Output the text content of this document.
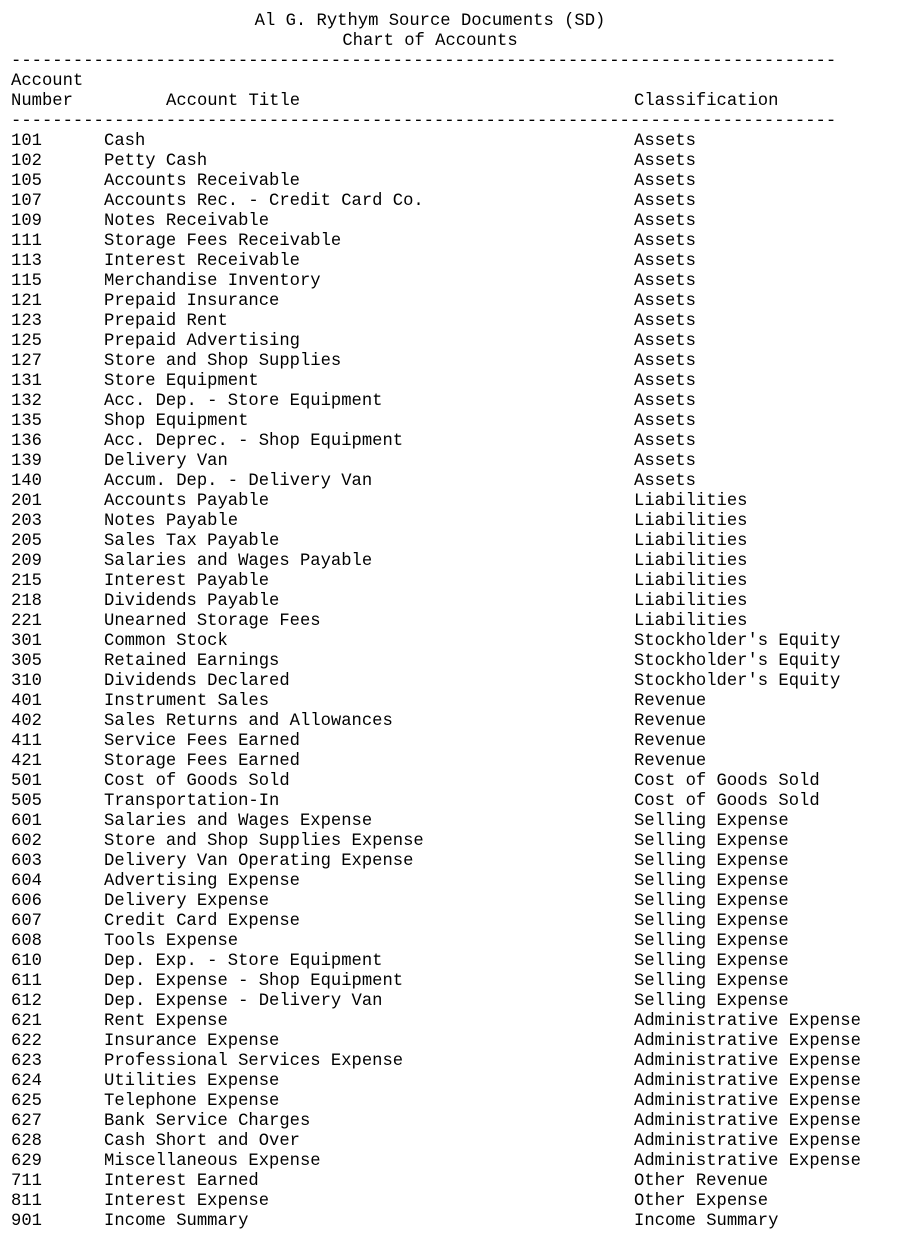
Al G. Rythym Source Documents (SD)
Chart of Accounts
--------------------------------------------------------------------------------
Account
Number	Account Title	Classification
--------------------------------------------------------------------------------
101	Cash	Assets
102	Petty Cash	Assets
105	Accounts Receivable	Assets
107	Accounts Rec. - Credit Card Co.	Assets
109	Notes Receivable	Assets
111	Storage Fees Receivable	Assets
113	Interest Receivable	Assets
115	Merchandise Inventory	Assets
121	Prepaid Insurance	Assets
123	Prepaid Rent	Assets
125	Prepaid Advertising	Assets
127	Store and Shop Supplies	Assets
131	Store Equipment	Assets
132	Acc. Dep. - Store Equipment	Assets
135	Shop Equipment	Assets
136	Acc. Deprec. - Shop Equipment	Assets
139	Delivery Van	Assets
140	Accum. Dep. - Delivery Van	Assets
201	Accounts Payable	Liabilities
203	Notes Payable	Liabilities
205	Sales Tax Payable	Liabilities
209	Salaries and Wages Payable	Liabilities
215	Interest Payable	Liabilities
218	Dividends Payable	Liabilities
221	Unearned Storage Fees	Liabilities
301	Common Stock	Stockholder's Equity
305	Retained Earnings	Stockholder's Equity
310	Dividends Declared	Stockholder's Equity
401	Instrument Sales	Revenue
402	Sales Returns and Allowances	Revenue
411	Service Fees Earned	Revenue
421	Storage Fees Earned	Revenue
501	Cost of Goods Sold	Cost of Goods Sold
505	Transportation-In	Cost of Goods Sold
601	Salaries and Wages Expense	Selling Expense
602	Store and Shop Supplies Expense	Selling Expense
603	Delivery Van Operating Expense	Selling Expense
604	Advertising Expense	Selling Expense
606	Delivery Expense	Selling Expense
607	Credit Card Expense	Selling Expense
608	Tools Expense	Selling Expense
610	Dep. Exp. - Store Equipment	Selling Expense
611	Dep. Expense - Shop Equipment	Selling Expense
612	Dep. Expense - Delivery Van	Selling Expense
621	Rent Expense	Administrative Expense
622	Insurance Expense	Administrative Expense
623	Professional Services Expense	Administrative Expense
624	Utilities Expense	Administrative Expense
625	Telephone Expense	Administrative Expense
627	Bank Service Charges	Administrative Expense
628	Cash Short and Over	Administrative Expense
629	Miscellaneous Expense	Administrative Expense
711	Interest Earned	Other Revenue
811	Interest Expense	Other Expense
901	Income Summary	Income Summary
